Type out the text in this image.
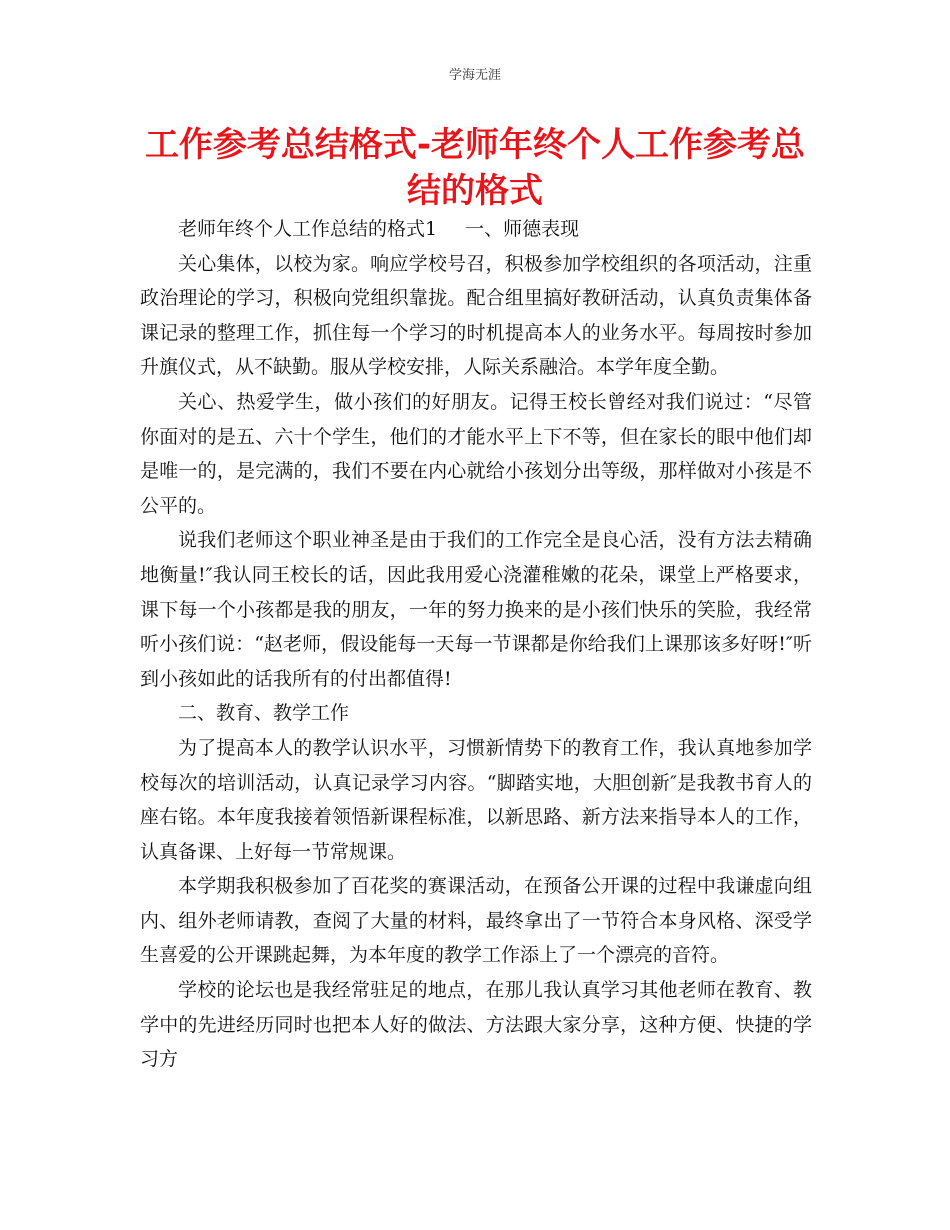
学海无涯
工作参考总结格式-老师年终个人工作参考总结的格式

老师年终个人工作总结的格式1 一、师德表现

关心集体，以校为家。响应学校号召，积极参加学校组织的各项活动，注重政治理论的学习，积极向党组织靠拢。配合组里搞好教研活动，认真负责集体备课记录的整理工作，抓住每一个学习的时机提高本人的业务水平。每周按时参加升旗仪式，从不缺勤。服从学校安排，人际关系融洽。本学年度全勤。

关心、热爱学生，做小孩们的好朋友。记得王校长曾经对我们说过：“尽管你面对的是五、六十个学生，他们的才能水平上下不等，但在家长的眼中他们却是唯一的，是完满的，我们不要在内心就给小孩划分出等级，那样做对小孩是不公平的。

说我们老师这个职业神圣是由于我们的工作完全是良心活，没有方法去精确地衡量!″我认同王校长的话，因此我用爱心浇灌稚嫩的花朵，课堂上严格要求，课下每一个小孩都是我的朋友，一年的努力换来的是小孩们快乐的笑脸，我经常听小孩们说：“赵老师，假设能每一天每一节课都是你给我们上课那该多好呀!″听到小孩如此的话我所有的付出都值得!

二、教育、教学工作

为了提高本人的教学认识水平，习惯新情势下的教育工作，我认真地参加学校每次的培训活动，认真记录学习内容。“脚踏实地，大胆创新″是我教书育人的座右铭。本年度我接着领悟新课程标准，以新思路、新方法来指导本人的工作，认真备课、上好每一节常规课。

本学期我积极参加了百花奖的赛课活动，在预备公开课的过程中我谦虚向组内、组外老师请教，查阅了大量的材料，最终拿出了一节符合本身风格、深受学生喜爱的公开课跳起舞，为本年度的教学工作添上了一个漂亮的音符。

学校的论坛也是我经常驻足的地点，在那儿我认真学习其他老师在教育、教学中的先进经历同时也把本人好的做法、方法跟大家分享，这种方便、快捷的学习方
